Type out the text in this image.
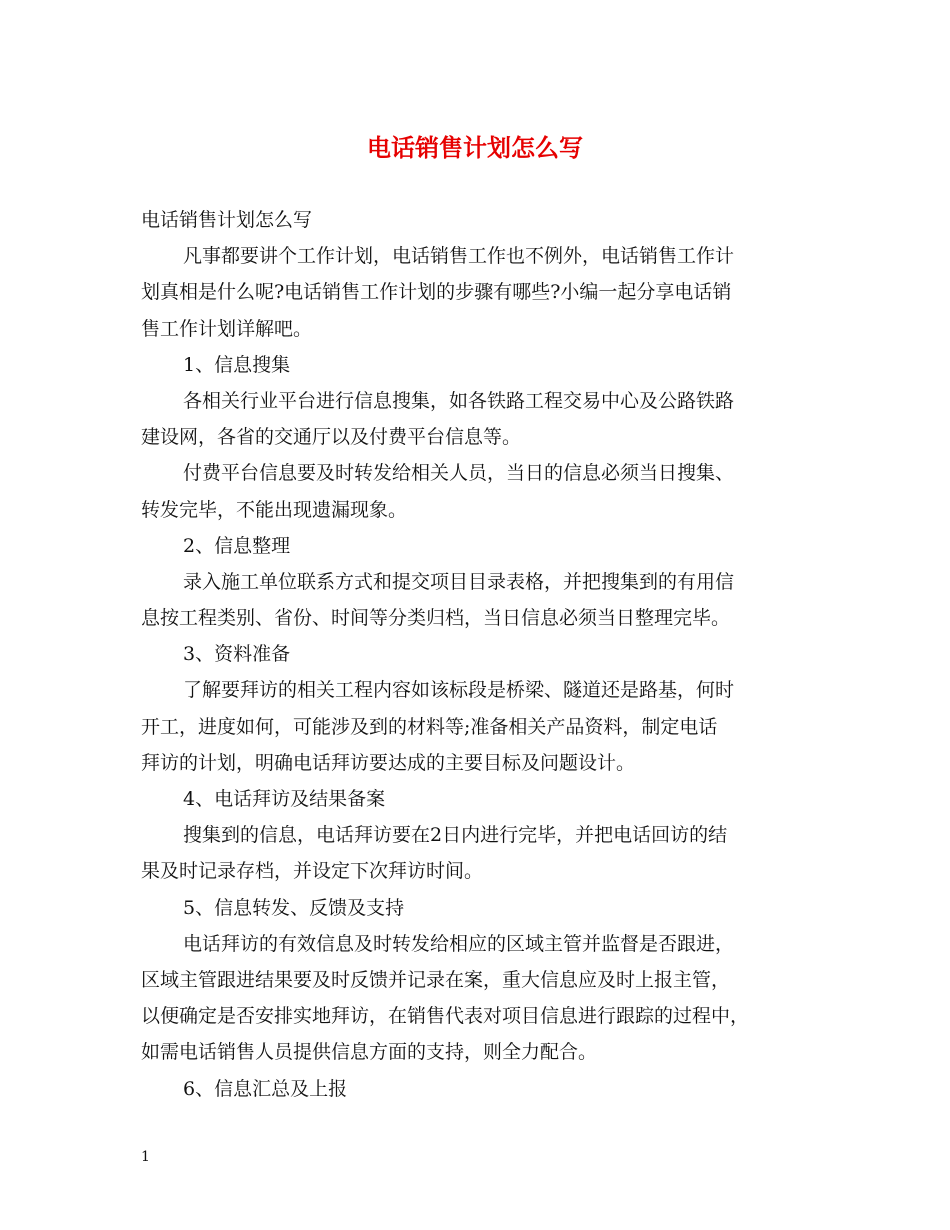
电话销售计划怎么写
电话销售计划怎么写
凡事都要讲个工作计划，电话销售工作也不例外，电话销售工作计
划真相是什么呢?电话销售工作计划的步骤有哪些?小编一起分享电话销
售工作计划详解吧。
1、信息搜集
各相关行业平台进行信息搜集，如各铁路工程交易中心及公路铁路
建设网，各省的交通厅以及付费平台信息等。
付费平台信息要及时转发给相关人员，当日的信息必须当日搜集、
转发完毕，不能出现遗漏现象。
2、信息整理
录入施工单位联系方式和提交项目目录表格，并把搜集到的有用信
息按工程类别、省份、时间等分类归档，当日信息必须当日整理完毕。
3、资料准备
了解要拜访的相关工程内容如该标段是桥梁、隧道还是路基，何时
开工，进度如何，可能涉及到的材料等;准备相关产品资料，制定电话
拜访的计划，明确电话拜访要达成的主要目标及问题设计。
4、电话拜访及结果备案
搜集到的信息，电话拜访要在2日内进行完毕，并把电话回访的结
果及时记录存档，并设定下次拜访时间。
5、信息转发、反馈及支持
电话拜访的有效信息及时转发给相应的区域主管并监督是否跟进，
区域主管跟进结果要及时反馈并记录在案，重大信息应及时上报主管，
以便确定是否安排实地拜访，在销售代表对项目信息进行跟踪的过程中，
如需电话销售人员提供信息方面的支持，则全力配合。
6、信息汇总及上报
1
